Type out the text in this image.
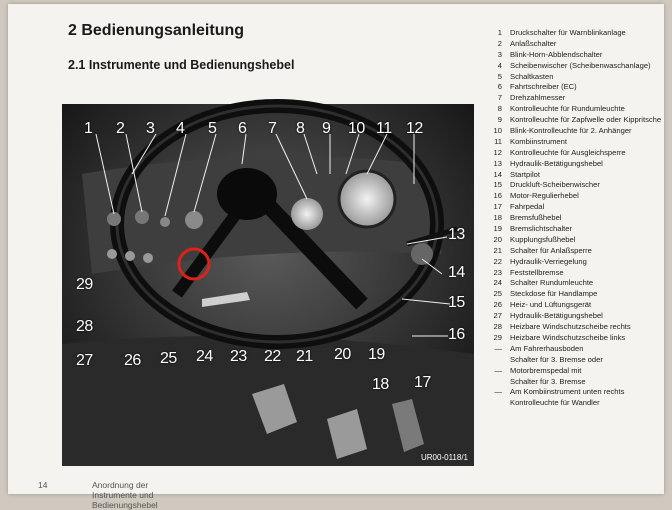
2 Bedienungsanleitung
2.1 Instrumente und Bedienungshebel
1 2 3 4 5 6 7 8 9 10 11 12
13
14
15
16
17
18
19
20
21
22
23
24
25
26
27
28
29
UR00-0118/1
1 Druckschalter für Warnblinkanlage
2 Anlaßschalter
3 Blink-Horn-Abblendschalter
4 Scheibenwischer (Scheibenwaschanlage)
5 Schaltkasten
6 Fahrtschreiber (EC)
7 Drehzahlmesser
8 Kontrolleuchte für Rundumleuchte
9 Kontrolleuchte für Zapfwelle oder Kippritsche
10 Blink-Kontrolleuchte für 2. Anhänger
11 Kombiinstrument
12 Kontrolleuchte für Ausgleichsperre
13 Hydraulik-Betätigungshebel
14 Startpilot
15 Druckluft-Scheibenwischer
16 Motor-Regulierhebel
17 Fahrpedal
18 Bremsfußhebel
19 Bremslichtschalter
20 Kupplungsfußhebel
21 Schalter für Anlaßsperre
22 Hydraulik-Verriegelung
23 Feststellbremse
24 Schalter Rundumleuchte
25 Steckdose für Handlampe
26 Heiz- und Lüftungsgerät
27 Hydraulik-Betätigungshebel
28 Heizbare Windschutzscheibe rechts
29 Heizbare Windschutzscheibe links
— Am Fahrerhausboden
Schalter für 3. Bremse oder
— Motorbremspedal mit
Schalter für 3. Bremse
— Am Kombiinstrument unten rechts
Kontrolleuchte für Wandler
14	Anordnung der Instrumente und Bedienungshebel
